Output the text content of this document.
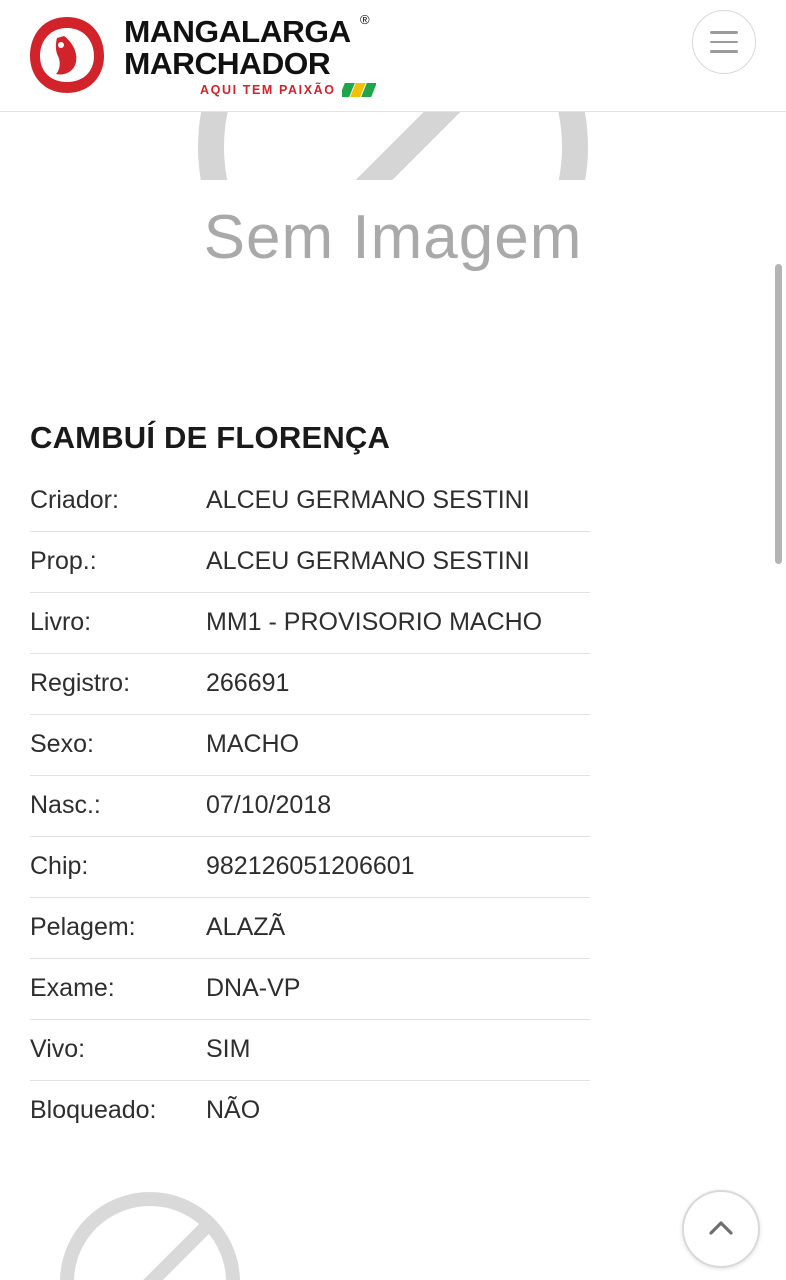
MANGALARGA
MARCHADOR
®
AQUI TEM PAIXÃO
Sem Imagem
CAMBUÍ DE FLORENÇA
Criador:	ALCEU GERMANO SESTINI
Prop.:	ALCEU GERMANO SESTINI
Livro:	MM1 - PROVISORIO MACHO
Registro:	266691
Sexo:	MACHO
Nasc.:	07/10/2018
Chip:	982126051206601
Pelagem:	ALAZÃ
Exame:	DNA-VP
Vivo:	SIM
Bloqueado:	NÃO
